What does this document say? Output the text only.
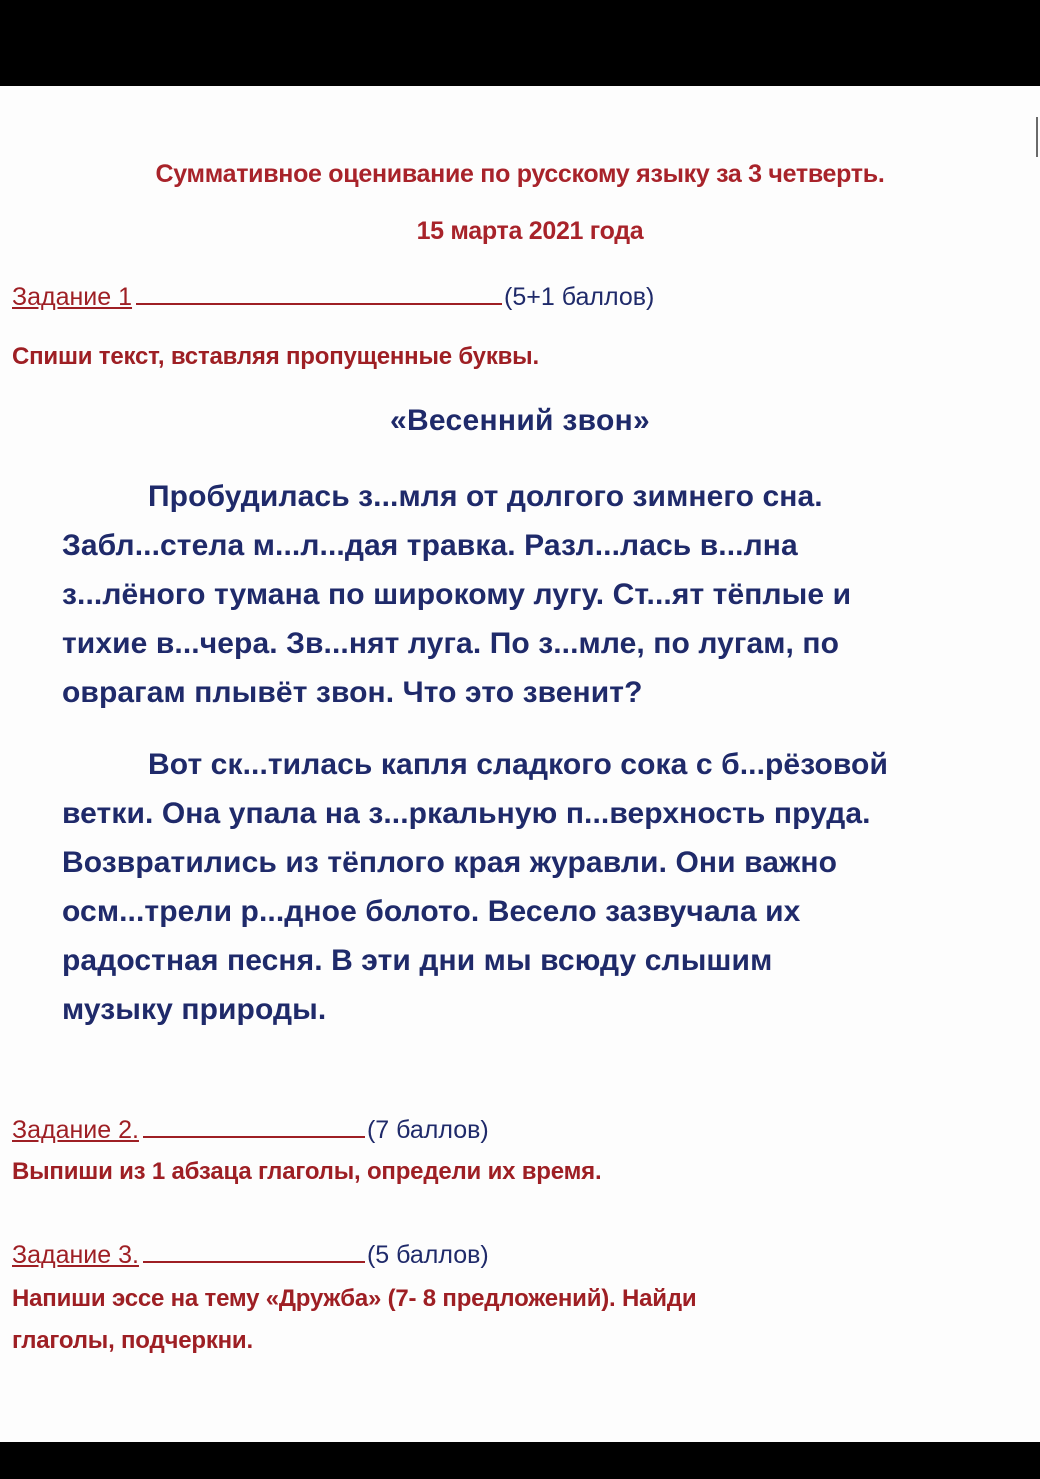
Суммативное оценивание по русскому языку за 3 четверть.
15 марта 2021 года
Задание 1	(5+1 баллов)
Спиши текст, вставляя пропущенные буквы.
«Весенний звон»
Пробудилась з...мля от долгого зимнего сна.
Забл...стела м...л...дая травка. Разл...лась в...лна
з...лёного тумана по широкому лугу. Ст...ят тёплые и
тихие в...чера. Зв...нят луга. По з...мле, по лугам, по
оврагам плывёт звон. Что это звенит?
Вот ск...тилась капля сладкого сока с б...рёзовой
ветки. Она упала на з...ркальную п...верхность пруда.
Возвратились из тёплого края журавли. Они важно
осм...трели р...дное болото. Весело зазвучала их
радостная песня. В эти дни мы всюду слышим
музыку природы.
Задание 2.	(7 баллов)
Выпиши из 1 абзаца глаголы, определи их время.
Задание 3.	(5 баллов)
Напиши эссе на тему «Дружба» (7- 8 предложений). Найди
глаголы, подчеркни.
